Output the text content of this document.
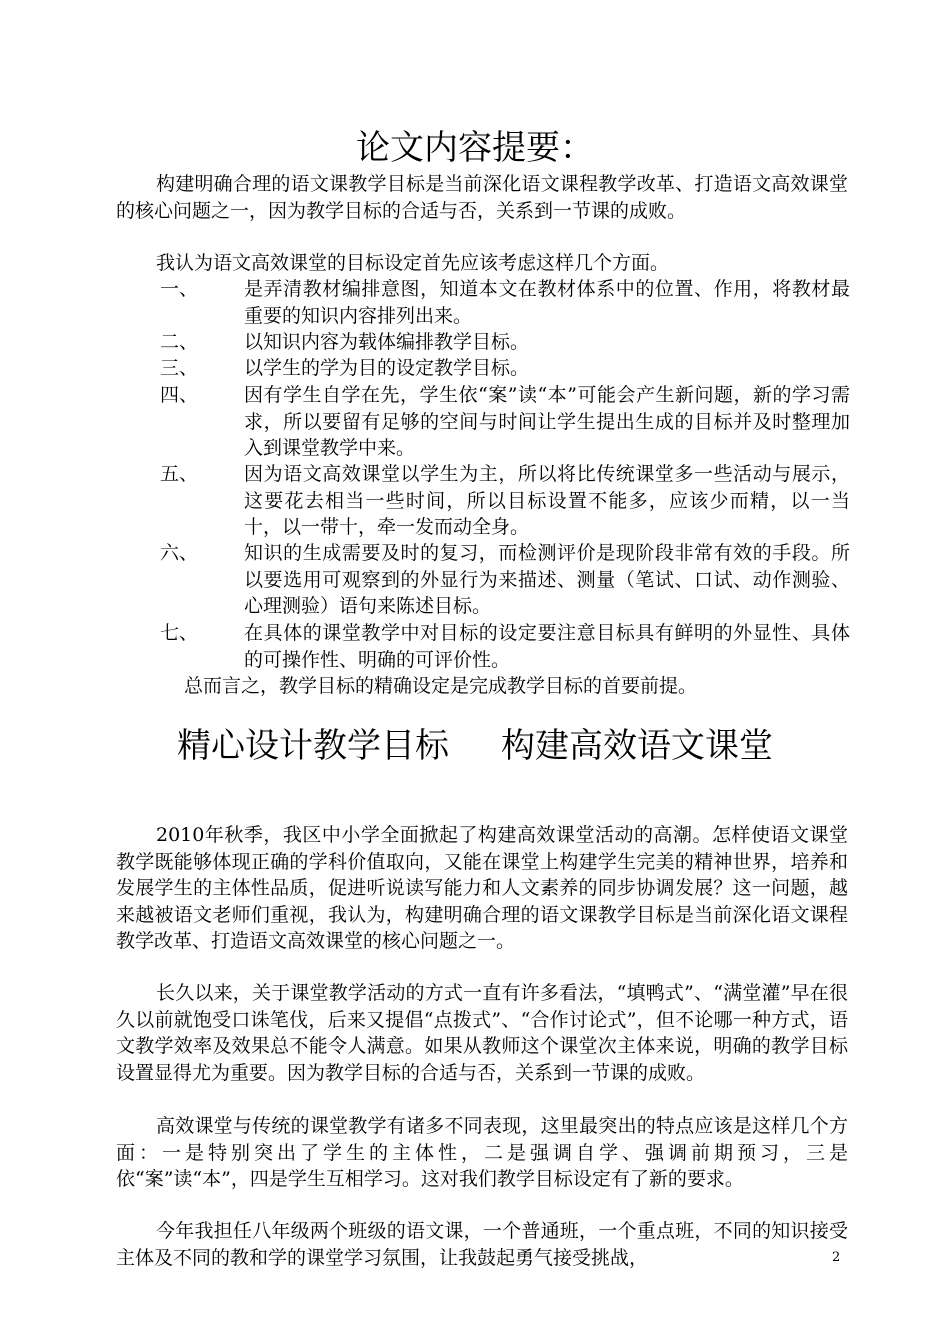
论文内容提要：

构建明确合理的语文课教学目标是当前深化语文课程教学改革、打造语文高效课堂的核心问题之一，因为教学目标的合适与否，关系到一节课的成败。

我认为语文高效课堂的目标设定首先应该考虑这样几个方面。

一、	是弄清教材编排意图，知道本文在教材体系中的位置、作用，将教材最重要的知识内容排列出来。
二、	以知识内容为载体编排教学目标。
三、	以学生的学为目的设定教学目标。
四、	因有学生自学在先，学生依“案”读“本”可能会产生新问题，新的学习需求，所以要留有足够的空间与时间让学生提出生成的目标并及时整理加入到课堂教学中来。
五、	因为语文高效课堂以学生为主，所以将比传统课堂多一些活动与展示，这要花去相当一些时间，所以目标设置不能多，应该少而精，以一当十，以一带十，牵一发而动全身。
六、	知识的生成需要及时的复习，而检测评价是现阶段非常有效的手段。所以要选用可观察到的外显行为来描述、测量（笔试、口试、动作测验、心理测验）语句来陈述目标。
七、	在具体的课堂教学中对目标的设定要注意目标具有鲜明的外显性、具体的可操作性、明确的可评价性。

总而言之，教学目标的精确设定是完成教学目标的首要前提。

精心设计教学目标 构建高效语文课堂

2010年秋季，我区中小学全面掀起了构建高效课堂活动的高潮。怎样使语文课堂教学既能够体现正确的学科价值取向，又能在课堂上构建学生完美的精神世界，培养和发展学生的主体性品质，促进听说读写能力和人文素养的同步协调发展？这一问题，越来越被语文老师们重视，我认为，构建明确合理的语文课教学目标是当前深化语文课程教学改革、打造语文高效课堂的核心问题之一。

长久以来，关于课堂教学活动的方式一直有许多看法，“填鸭式”、“满堂灌”早在很久以前就饱受口诛笔伐，后来又提倡“点拨式”、“合作讨论式”，但不论哪一种方式，语文教学效率及效果总不能令人满意。如果从教师这个课堂次主体来说，明确的教学目标设置显得尤为重要。因为教学目标的合适与否，关系到一节课的成败。

高效课堂与传统的课堂教学有诸多不同表现，这里最突出的特点应该是这样几个方面：一是特别突出了学生的主体性，二是强调自学、强调前期预习，三是依“案”读“本”，四是学生互相学习。这对我们教学目标设定有了新的要求。

今年我担任八年级两个班级的语文课，一个普通班，一个重点班，不同的知识接受主体及不同的教和学的课堂学习氛围，让我鼓起勇气接受挑战，	2
